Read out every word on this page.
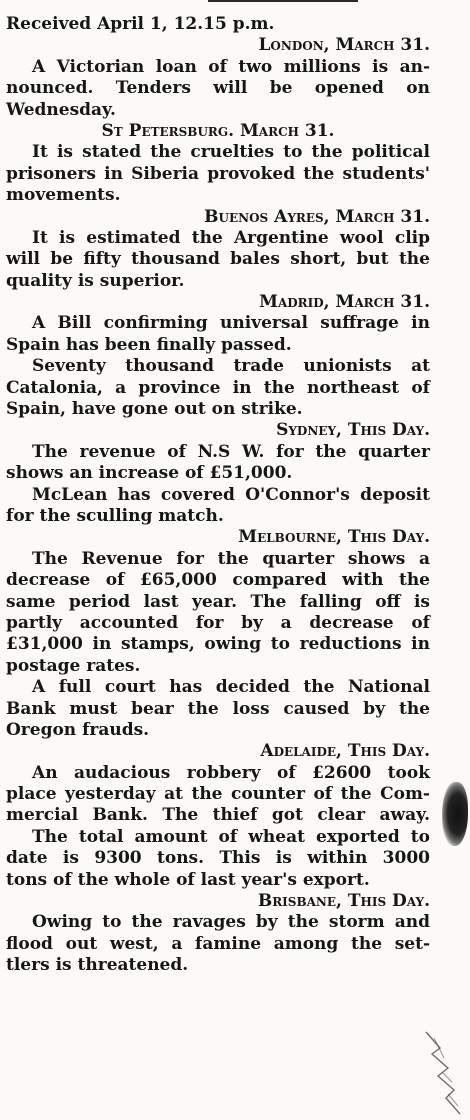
Received April 1, 12.15 p.m.
London, March 31.
A Victorian loan of two millions is an-
nounced. Tenders will be opened on
Wednesday.
St Petersburg. March 31.
It is stated the cruelties to the political
prisoners in Siberia provoked the students'
movements.
Buenos Ayres, March 31.
It is estimated the Argentine wool clip
will be fifty thousand bales short, but the
quality is superior.
Madrid, March 31.
A Bill confirming universal suffrage in
Spain has been finally passed.
Seventy thousand trade unionists at
Catalonia, a province in the northeast of
Spain, have gone out on strike.
Sydney, This Day.
The revenue of N.S W. for the quarter
shows an increase of £51,000.
McLean has covered O'Connor's deposit
for the sculling match.
Melbourne, This Day.
The Revenue for the quarter shows a
decrease of £65,000 compared with the
same period last year. The falling off is
partly accounted for by a decrease of
£31,000 in stamps, owing to reductions in
postage rates.
A full court has decided the National
Bank must bear the loss caused by the
Oregon frauds.
Adelaide, This Day.
An audacious robbery of £2600 took
place yesterday at the counter of the Com-
mercial Bank. The thief got clear away.
The total amount of wheat exported to
date is 9300 tons. This is within 3000
tons of the whole of last year's export.
Brisbane, This Day.
Owing to the ravages by the storm and
flood out west, a famine among the set-
tlers is threatened.
